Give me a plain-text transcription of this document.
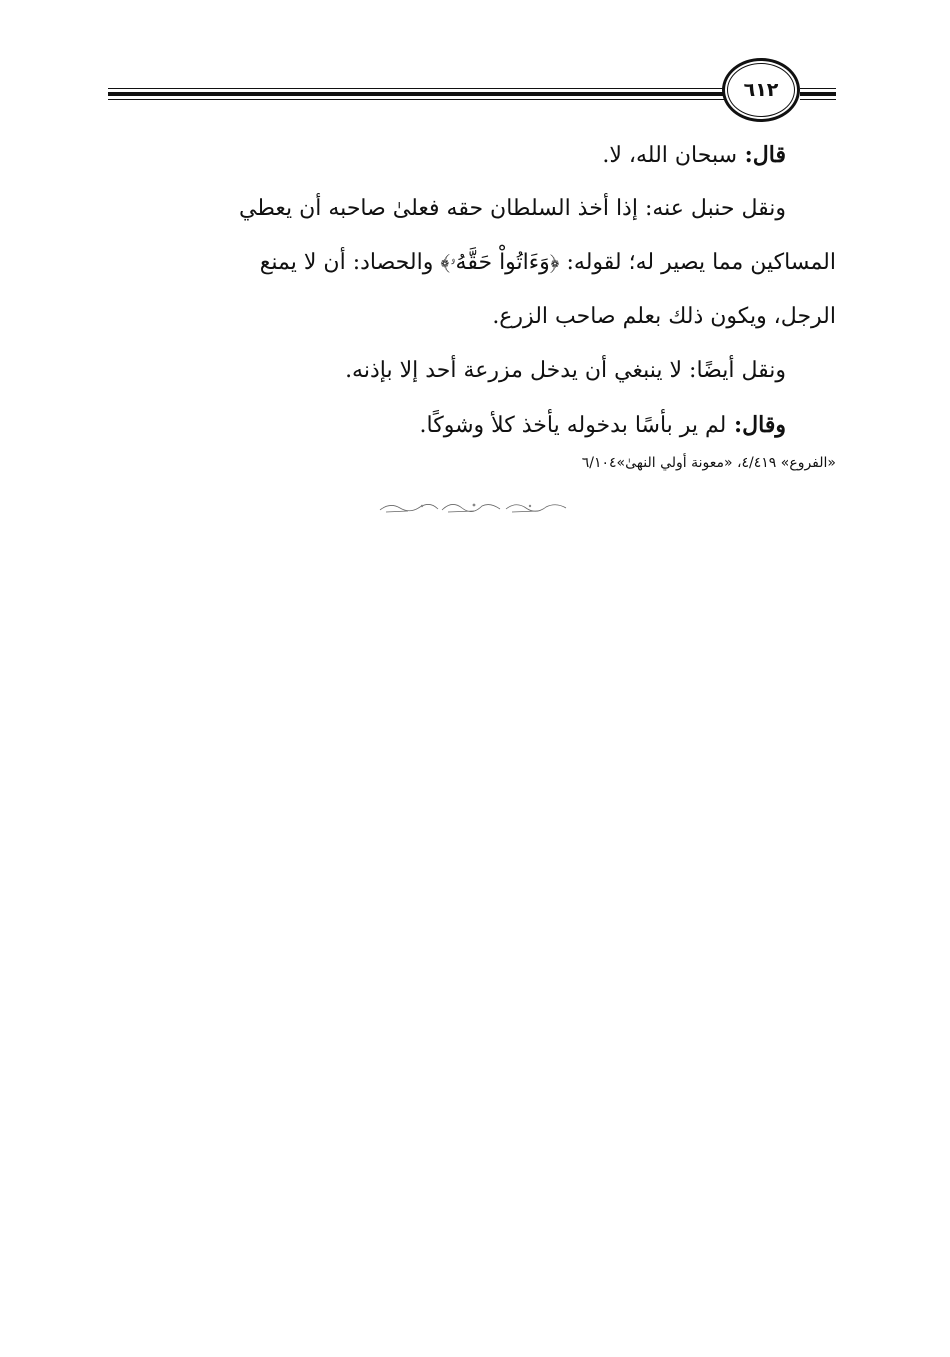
٦١٢
قال: سبحان الله، لا.
ونقل حنبل عنه: إذا أخذ السلطان حقه فعلىٰ صاحبه أن يعطي
المساكين مما يصير له؛ لقوله: ﴿وَءَاتُواْ حَقَّهُۥ﴾ والحصاد: أن لا يمنع
الرجل، ويكون ذلك بعلم صاحب الزرع.
ونقل أيضًا: لا ينبغي أن يدخل مزرعة أحد إلا بإذنه.
وقال: لم ير بأسًا بدخوله يأخذ كلأ وشوكًا.
«الفروع» ٤/٤١٩، «معونة أولي النهىٰ»٦/١٠٤
